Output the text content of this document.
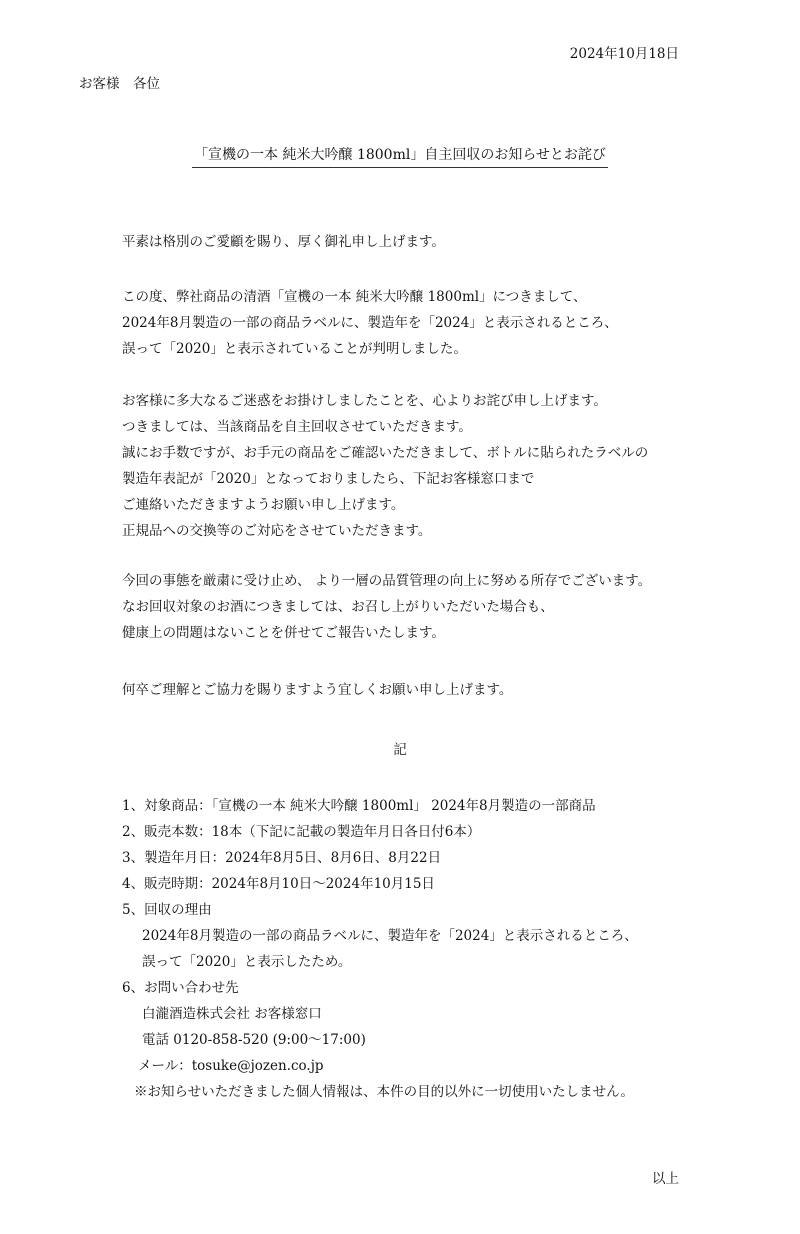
2024年10月18日
お客様　各位
「宣機の一本 純米大吟醸 1800ml」自主回収のお知らせとお詫び
平素は格別のご愛顧を賜り、厚く御礼申し上げます。
この度、弊社商品の清酒「宣機の一本 純米大吟醸 1800ml」につきまして、
2024年8月製造の一部の商品ラベルに、製造年を「2024」と表示されるところ、
誤って「2020」と表示されていることが判明しました。
お客様に多大なるご迷惑をお掛けしましたことを、心よりお詫び申し上げます。
つきましては、当該商品を自主回収させていただきます。
誠にお手数ですが、お手元の商品をご確認いただきまして、ボトルに貼られたラベルの
製造年表記が「2020」となっておりましたら、下記お客様窓口まで
ご連絡いただきますようお願い申し上げます。
正規品への交換等のご対応をさせていただきます。
今回の事態を厳粛に受け止め、 より一層の品質管理の向上に努める所存でございます。
なお回収対象のお酒につきましては、お召し上がりいただいた場合も、
健康上の問題はないことを併せてご報告いたします。
何卒ご理解とご協力を賜りますよう宜しくお願い申し上げます。
記
1、対象商品：「宣機の一本 純米大吟醸 1800ml」 2024年8月製造の一部商品
2、販売本数：18本（下記に記載の製造年月日各日付6本）
3、製造年月日：2024年8月5日、8月6日、8月22日
4、販売時期：2024年8月10日～2024年10月15日
5、回収の理由
2024年8月製造の一部の商品ラベルに、製造年を「2024」と表示されるところ、
誤って「2020」と表示したため。
6、お問い合わせ先
白瀧酒造株式会社 お客様窓口
電話 0120-858-520 (9:00～17:00)
メール：tosuke@jozen.co.jp
※お知らせいただきました個人情報は、本件の目的以外に一切使用いたしません。
以上
